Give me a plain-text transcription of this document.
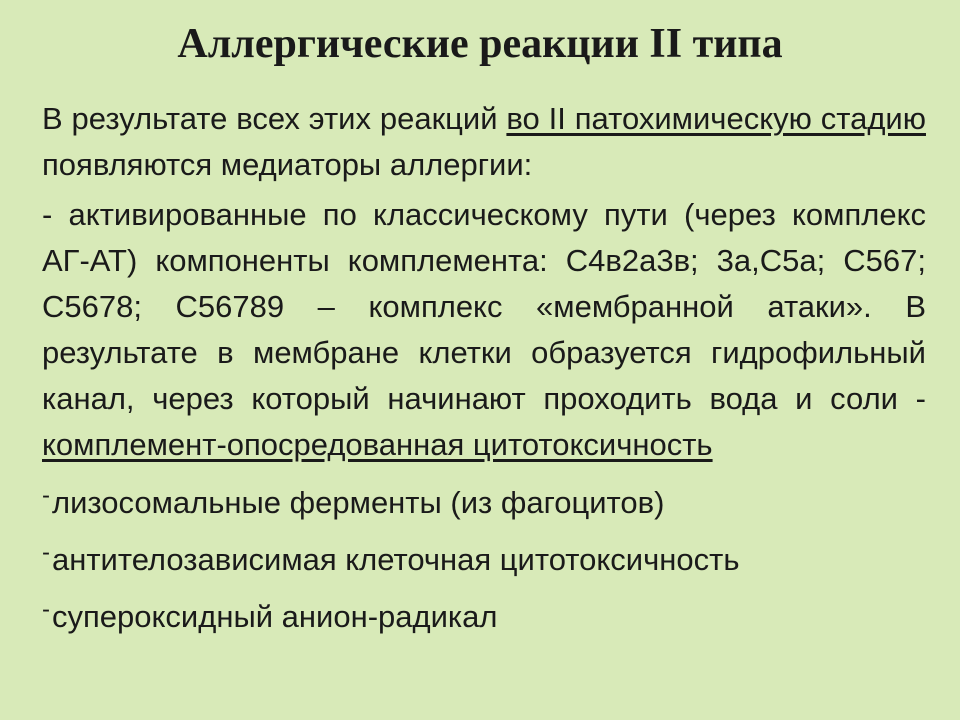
Аллергические реакции II типа

В результате всех этих реакций во II патохимическую стадию появляются медиаторы аллергии:

- активированные по классическому пути (через комплекс АГ-АТ) компоненты комплемента: С4в2а3в; 3а,С5а; С567; С5678; С56789 – комплекс «мембранной атаки». В результате в мембране клетки образуется гидрофильный канал, через который начинают проходить вода и соли - комплемент-опосредованная цитотоксичность

- лизосомальные ферменты (из фагоцитов)

- антителозависимая клеточная цитотоксичность

- супероксидный анион-радикал
